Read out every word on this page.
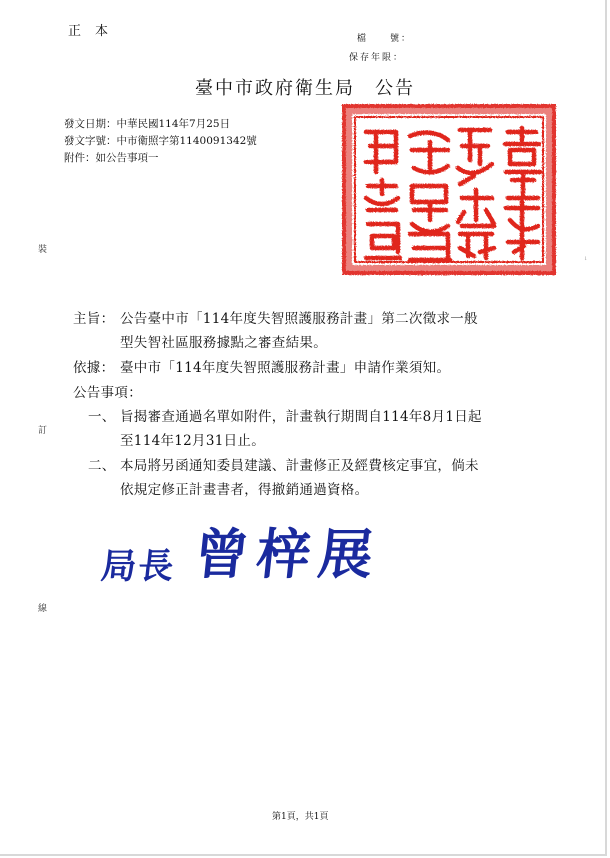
正本	檔　　號：
保存年限：
臺中市政府衛生局　公告
發文日期：中華民國114年7月25日
發文字號：中市衛照字第1140091342號
附件：如公告事項一
裝
訂
線
ꜜ
主旨： 公告臺中市「114年度失智照護服務計畫」第二次徵求一般
型失智社區服務據點之審查結果。
依據： 臺中市「114年度失智照護服務計畫」申請作業須知。
公告事項：
一、 旨揭審查通過名單如附件，計畫執行期間自114年8月1日起
至114年12月31日止。
二、 本局將另函通知委員建議、計畫修正及經費核定事宜，倘未
依規定修正計畫書者，得撤銷通過資格。
局長 曾梓展
第1頁，共1頁
